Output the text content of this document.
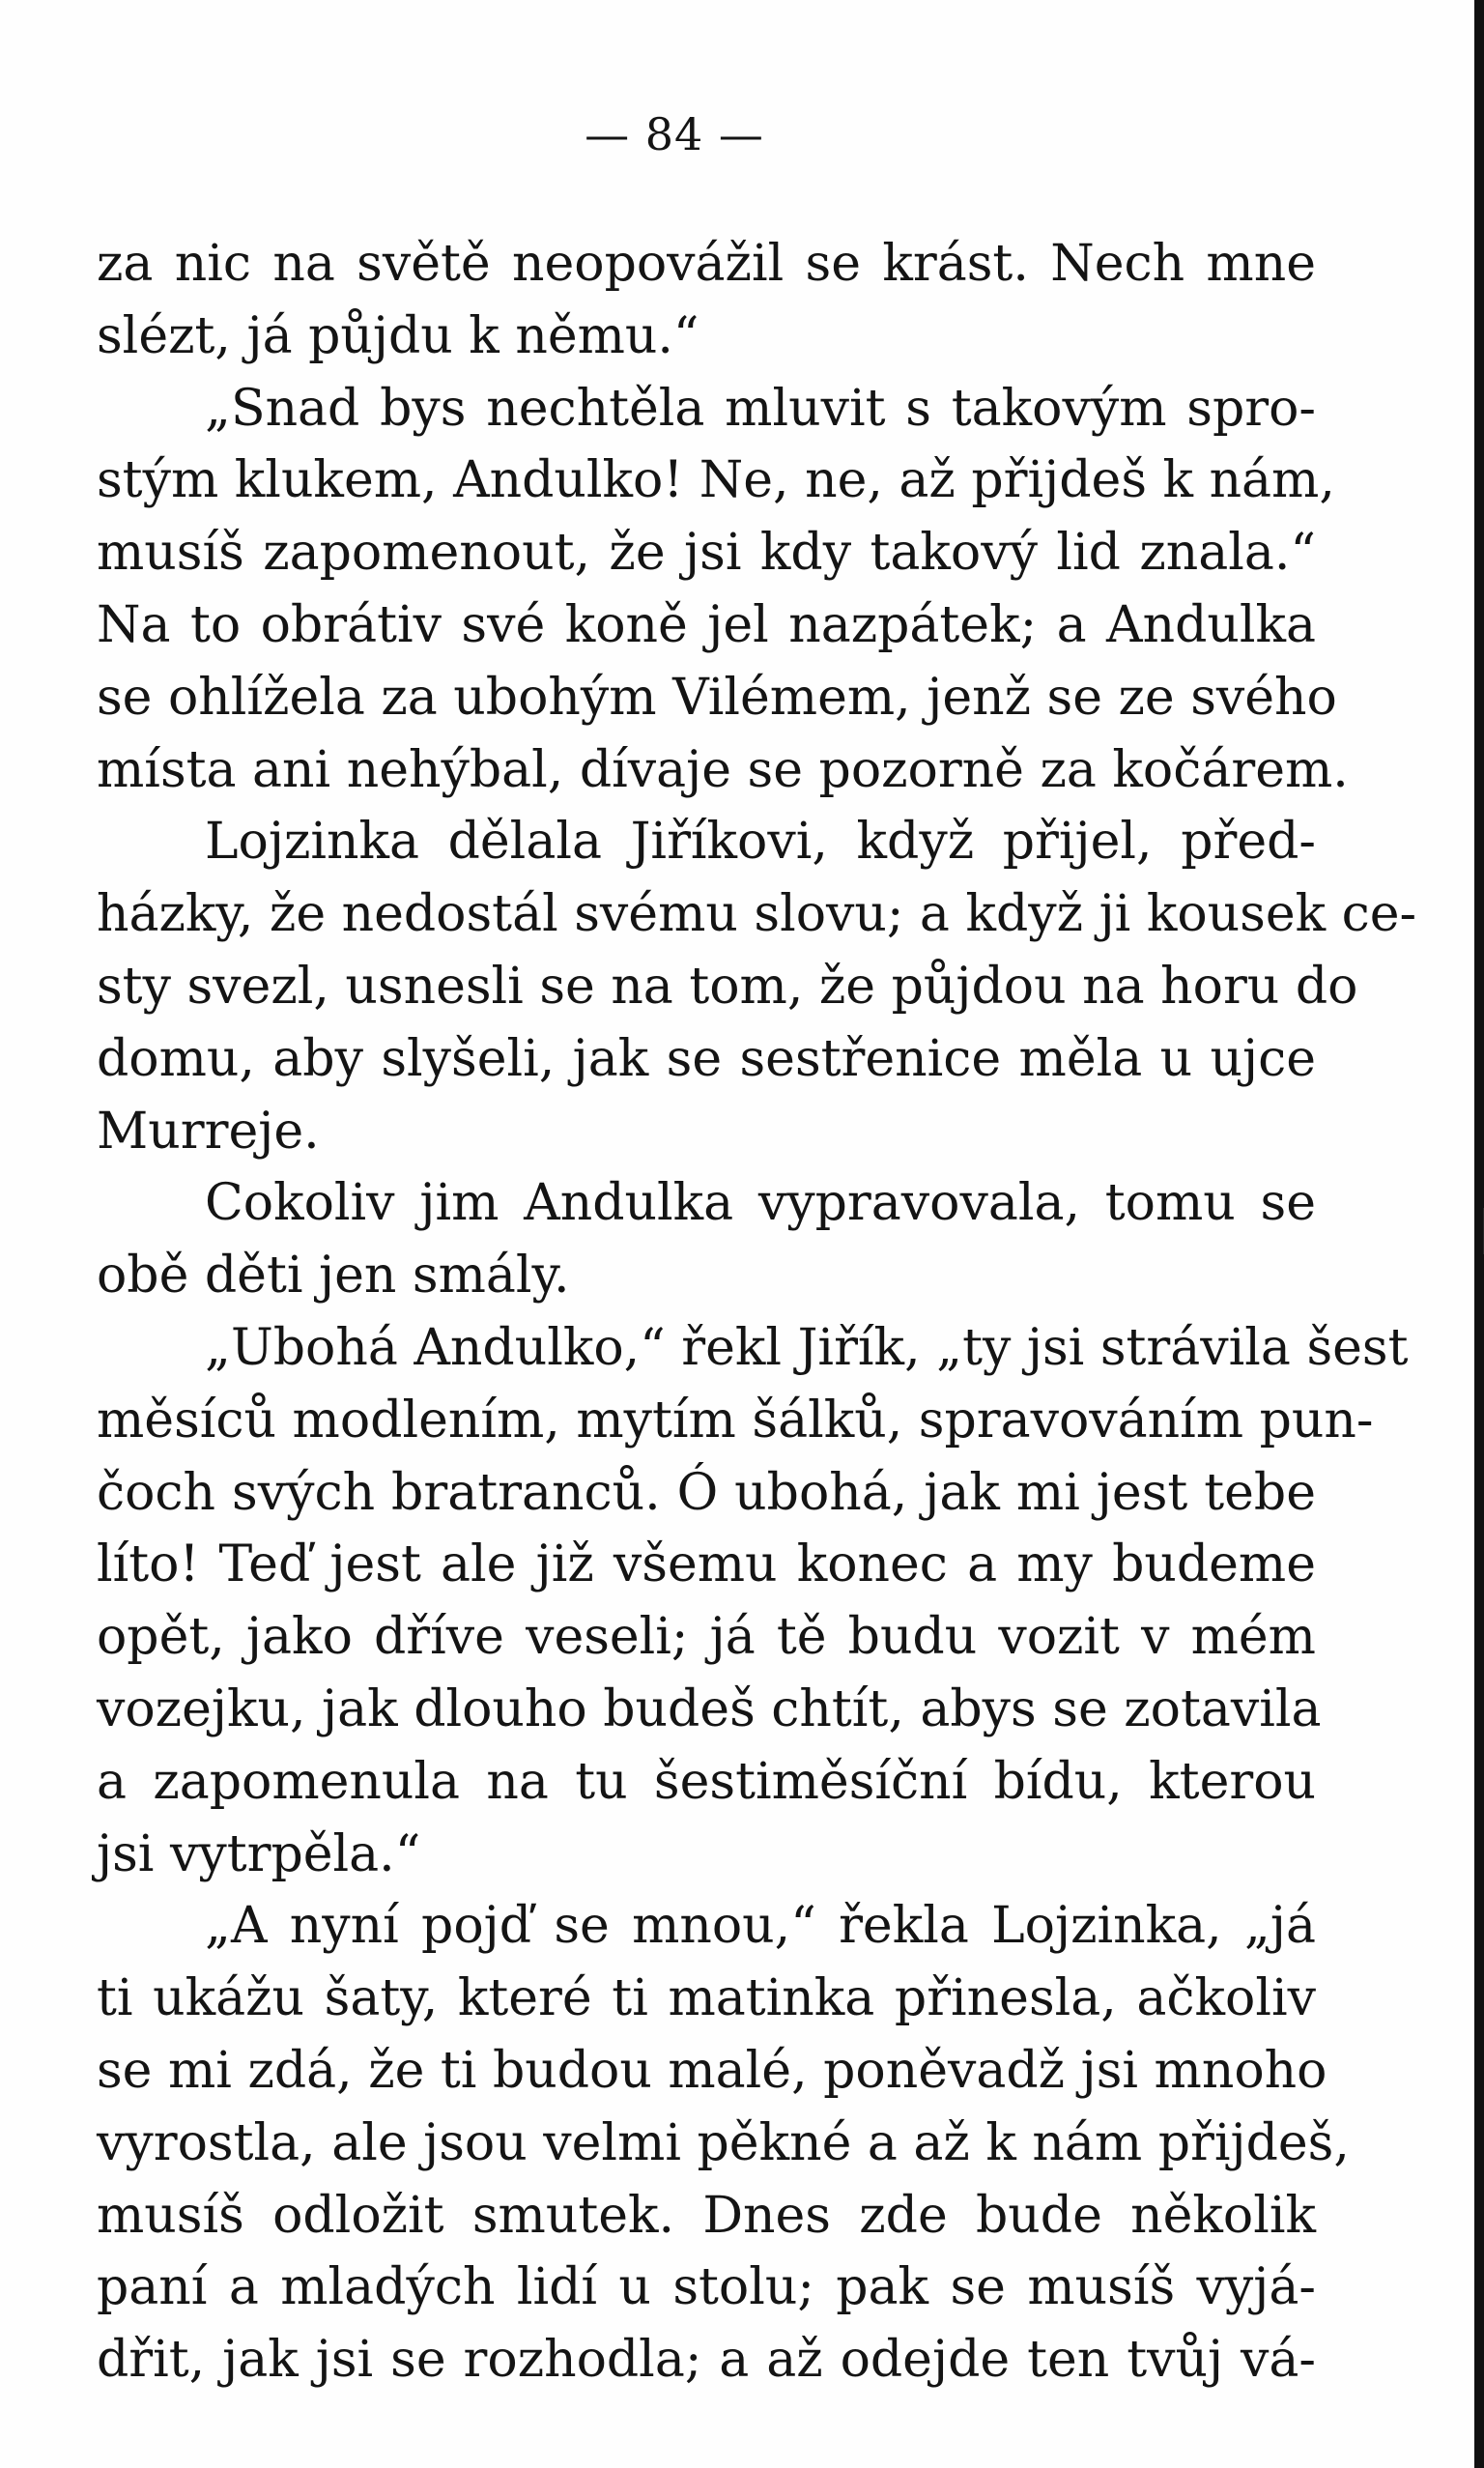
— 84 —
za nic na světě neopovážil se krást. Nech mne
slézt, já půjdu k němu.“
„Snad bys nechtěla mluvit s takovým spro-
stým klukem, Andulko! Ne, ne, až přijdeš k nám,
musíš zapomenout, že jsi kdy takový lid znala.“
Na to obrátiv své koně jel nazpátek; a Andulka
se ohlížela za ubohým Vilémem, jenž se ze svého
místa ani nehýbal, dívaje se pozorně za kočárem.
Lojzinka dělala Jiříkovi, když přijel, před-
házky, že nedostál svému slovu; a když ji kousek ce-
sty svezl, usnesli se na tom, že půjdou na horu do
domu, aby slyšeli, jak se sestřenice měla u ujce
Murreje.
Cokoliv jim Andulka vypravovala, tomu se
obě děti jen smály.
„Ubohá Andulko,“ řekl Jiřík, „ty jsi strávila šest
měsíců modlením, mytím šálků, spravováním pun-
čoch svých bratranců. Ó ubohá, jak mi jest tebe
líto! Teď jest ale již všemu konec a my budeme
opět, jako dříve veseli; já tě budu vozit v mém
vozejku, jak dlouho budeš chtít, abys se zotavila
a zapomenula na tu šestiměsíční bídu, kterou
jsi vytrpěla.“
„A nyní pojď se mnou,“ řekla Lojzinka, „já
ti ukážu šaty, které ti matinka přinesla, ačkoliv
se mi zdá, že ti budou malé, poněvadž jsi mnoho
vyrostla, ale jsou velmi pěkné a až k nám přijdeš,
musíš odložit smutek. Dnes zde bude několik
paní a mladých lidí u stolu; pak se musíš vyjá-
dřit, jak jsi se rozhodla; a až odejde ten tvůj vá-
